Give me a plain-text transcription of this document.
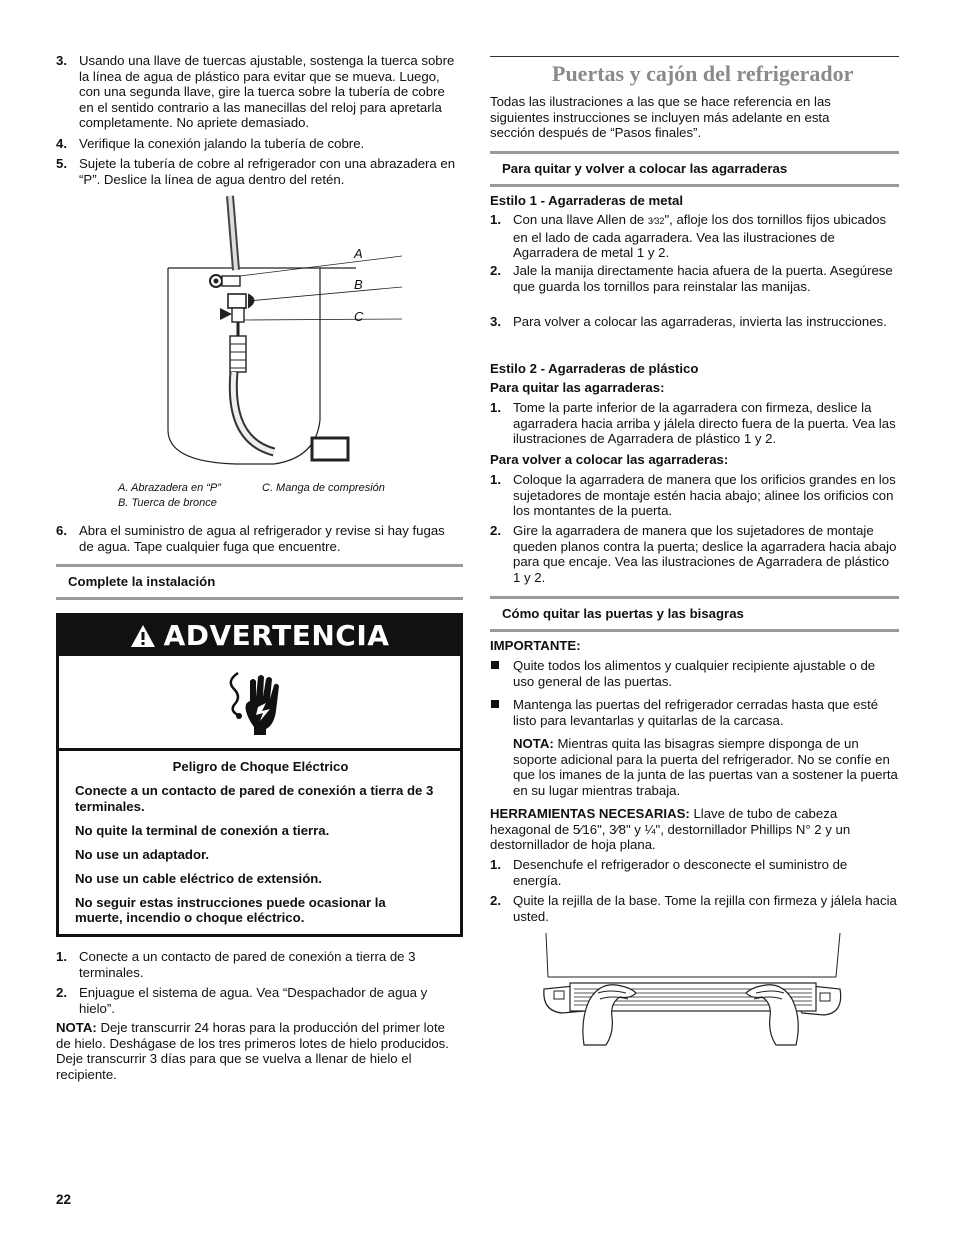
3. Usando una llave de tuercas ajustable, sostenga la tuerca sobre la línea de agua de plástico para evitar que se mueva. Luego, con una segunda llave, gire la tuerca sobre la tubería de cobre en el sentido contrario a las manecillas del reloj para apretarla completamente. No apriete demasiado.
4. Verifique la conexión jalando la tubería de cobre.
5. Sujete la tubería de cobre al refrigerador con una abrazadera en “P”. Deslice la línea de agua dentro del retén.
A
B
C
A. Abrazadera en “P”
B. Tuerca de bronce
C. Manga de compresión
6. Abra el suministro de agua al refrigerador y revise si hay fugas de agua. Tape cualquier fuga que encuentre.
Complete la instalación
ADVERTENCIA

Peligro de Choque Eléctrico

Conecte a un contacto de pared de conexión a tierra de 3 terminales.

No quite la terminal de conexión a tierra.

No use un adaptador.

No use un cable eléctrico de extensión.

No seguir estas instrucciones puede ocasionar la muerte, incendio o choque eléctrico.

1. Conecte a un contacto de pared de conexión a tierra de 3 terminales.
2. Enjuague el sistema de agua. Vea “Despachador de agua y hielo”.
NOTA: Deje transcurrir 24 horas para la producción del primer lote de hielo. Deshágase de los tres primeros lotes de hielo producidos. Deje transcurrir 3 días para que se vuelva a llenar de hielo el recipiente.
Puertas y cajón del refrigerador
Todas las ilustraciones a las que se hace referencia en las siguientes instrucciones se incluyen más adelante en esta sección después de “Pasos finales”.
Para quitar y volver a colocar las agarraderas
Estilo 1 - Agarraderas de metal
1. Con una llave Allen de 3⁄32", afloje los dos tornillos fijos ubicados en el lado de cada agarradera. Vea las ilustraciones de Agarradera de metal 1 y 2.
2. Jale la manija directamente hacia afuera de la puerta. Asegúrese que guarda los tornillos para reinstalar las manijas.
3. Para volver a colocar las agarraderas, invierta las instrucciones.
Estilo 2 - Agarraderas de plástico
Para quitar las agarraderas:
1. Tome la parte inferior de la agarradera con firmeza, deslice la agarradera hacia arriba y jálela directo fuera de la puerta. Vea las ilustraciones de Agarradera de plástico 1 y 2.
Para volver a colocar las agarraderas:
1. Coloque la agarradera de manera que los orificios grandes en los sujetadores de montaje estén hacia abajo; alinee los orificios con los montantes de la puerta.
2. Gire la agarradera de manera que los sujetadores de montaje queden planos contra la puerta; deslice la agarradera hacia abajo para que encaje. Vea las ilustraciones de Agarradera de plástico 1 y 2.
Cómo quitar las puertas y las bisagras
IMPORTANTE:
Quite todos los alimentos y cualquier recipiente ajustable o de uso general de las puertas.
Mantenga las puertas del refrigerador cerradas hasta que esté listo para levantarlas y quitarlas de la carcasa.
NOTA: Mientras quita las bisagras siempre disponga de un soporte adicional para la puerta del refrigerador. No se confíe en que los imanes de la junta de las puertas van a sostener la puerta en su lugar mientras trabaja.
HERRAMIENTAS NECESARIAS: Llave de tubo de cabeza hexagonal de 5⁄16", 3⁄8" y ¼", destornillador Phillips N° 2 y un destornillador de hoja plana.
1. Desenchufe el refrigerador o desconecte el suministro de energía.
2. Quite la rejilla de la base. Tome la rejilla con firmeza y jálela hacia usted.
22
